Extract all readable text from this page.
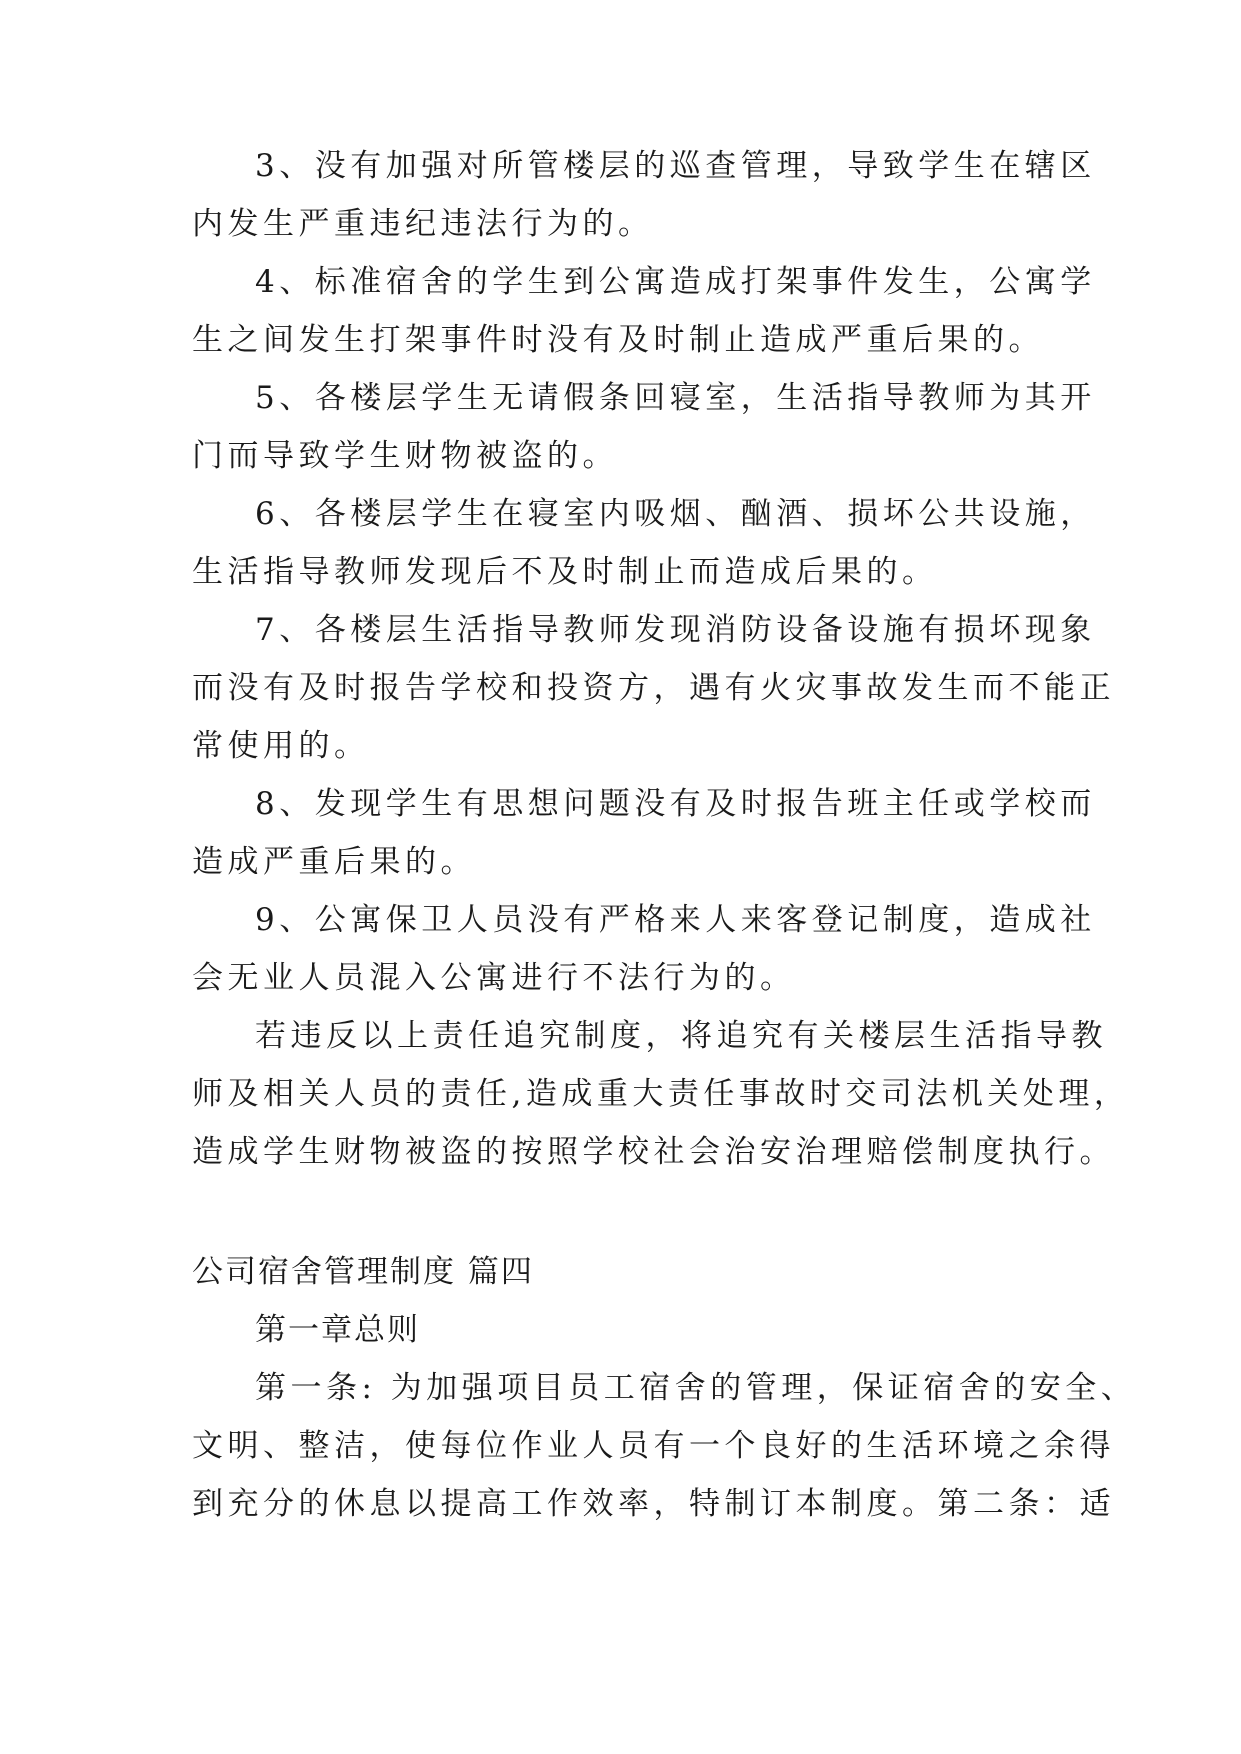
3、没有加强对所管楼层的巡查管理，导致学生在辖区
内发生严重违纪违法行为的。
4、标准宿舍的学生到公寓造成打架事件发生，公寓学
生之间发生打架事件时没有及时制止造成严重后果的。
5、各楼层学生无请假条回寝室，生活指导教师为其开
门而导致学生财物被盗的。
6、各楼层学生在寝室内吸烟、酗酒、损坏公共设施，
生活指导教师发现后不及时制止而造成后果的。
7、各楼层生活指导教师发现消防设备设施有损坏现象
而没有及时报告学校和投资方，遇有火灾事故发生而不能正
常使用的。
8、发现学生有思想问题没有及时报告班主任或学校而
造成严重后果的。
9、公寓保卫人员没有严格来人来客登记制度，造成社
会无业人员混入公寓进行不法行为的。
若违反以上责任追究制度，将追究有关楼层生活指导教
师及相关人员的责任,造成重大责任事故时交司法机关处理，
造成学生财物被盗的按照学校社会治安治理赔偿制度执行。
公司宿舍管理制度 篇四
第一章总则
第一条: 为加强项目员工宿舍的管理，保证宿舍的安全、
文明、整洁，使每位作业人员有一个良好的生活环境之余得
到充分的休息以提高工作效率，特制订本制度。第二条：适
